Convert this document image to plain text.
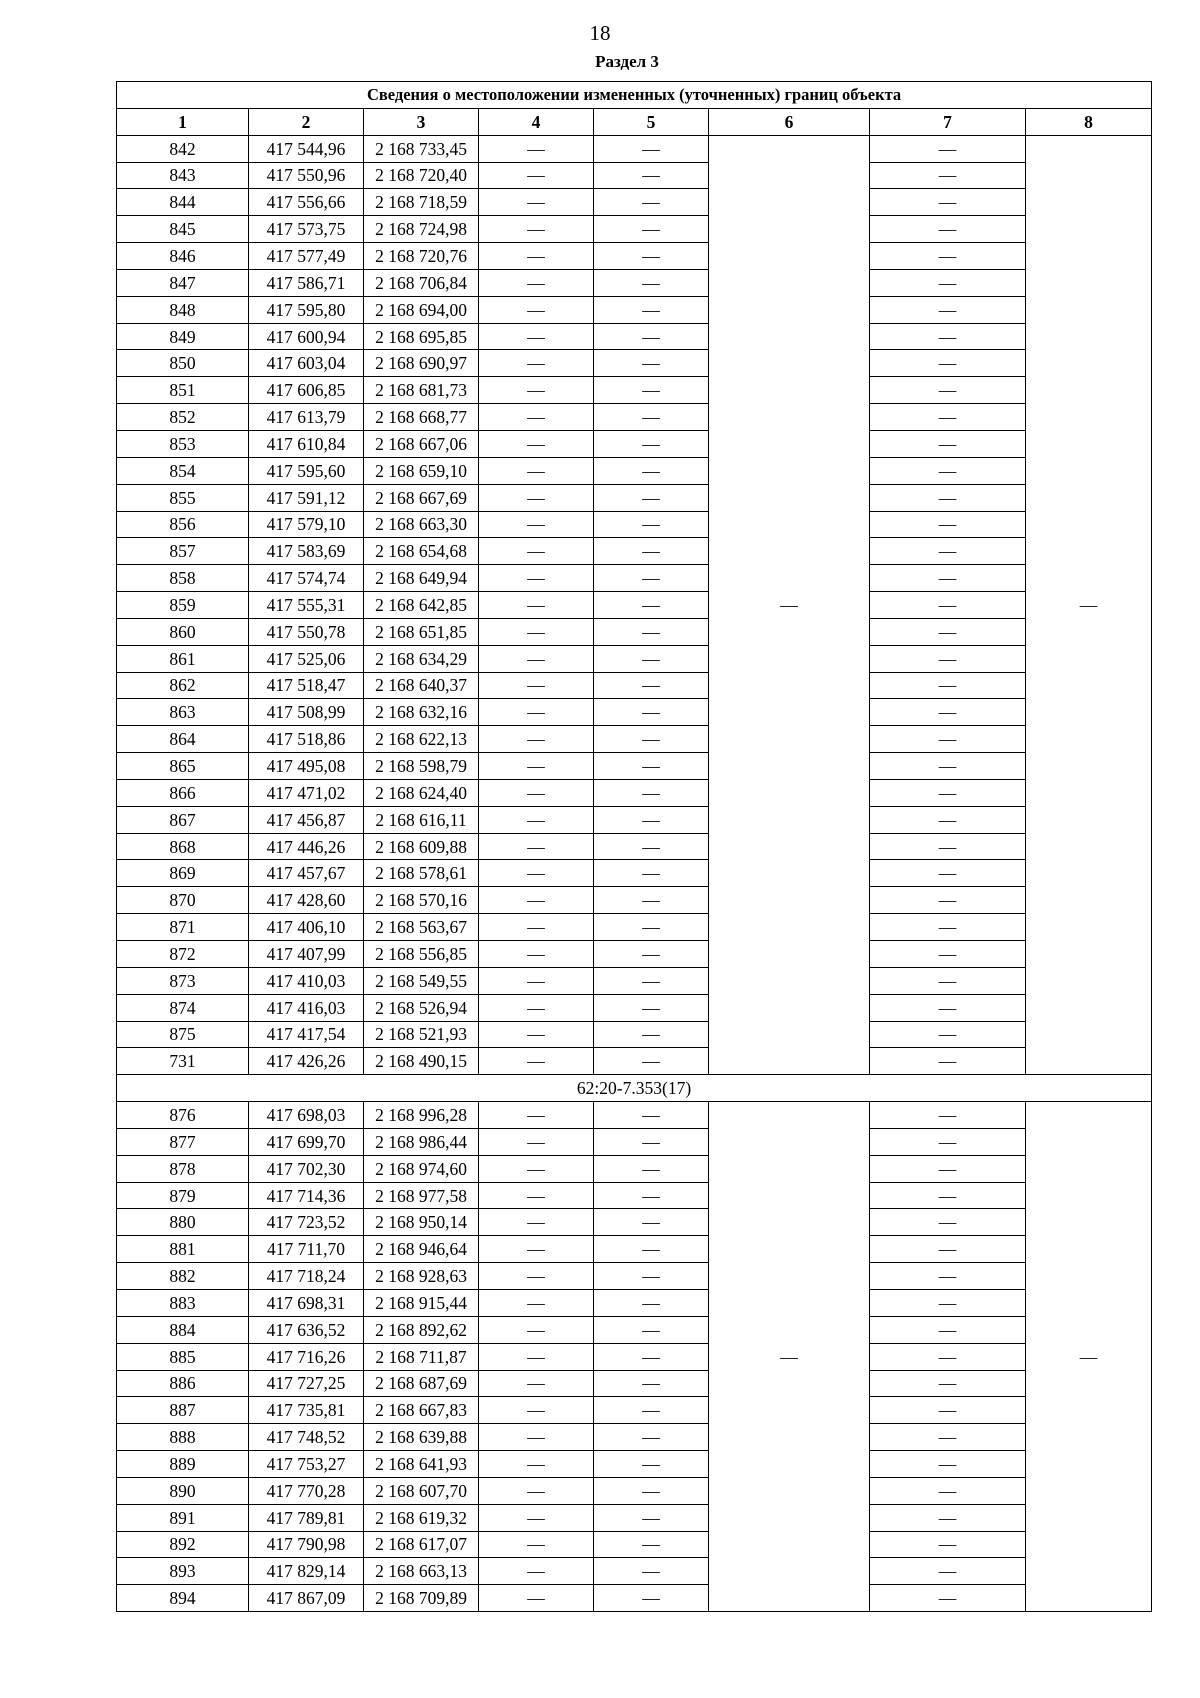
18
Раздел 3
Сведения о местоположении измененных (уточненных) границ объекта							
1	2	3	4	5	6	7	8
842	417 544,96	2 168 733,45	—	—	—	—	—
843	417 550,96	2 168 720,40	—	—		—	
844	417 556,66	2 168 718,59	—	—		—	
845	417 573,75	2 168 724,98	—	—		—	
846	417 577,49	2 168 720,76	—	—		—	
847	417 586,71	2 168 706,84	—	—		—	
848	417 595,80	2 168 694,00	—	—		—	
849	417 600,94	2 168 695,85	—	—		—	
850	417 603,04	2 168 690,97	—	—		—	
851	417 606,85	2 168 681,73	—	—		—	
852	417 613,79	2 168 668,77	—	—		—	
853	417 610,84	2 168 667,06	—	—		—	
854	417 595,60	2 168 659,10	—	—		—	
855	417 591,12	2 168 667,69	—	—		—	
856	417 579,10	2 168 663,30	—	—		—	
857	417 583,69	2 168 654,68	—	—		—	
858	417 574,74	2 168 649,94	—	—		—	
859	417 555,31	2 168 642,85	—	—		—	
860	417 550,78	2 168 651,85	—	—		—	
861	417 525,06	2 168 634,29	—	—		—	
862	417 518,47	2 168 640,37	—	—		—	
863	417 508,99	2 168 632,16	—	—		—	
864	417 518,86	2 168 622,13	—	—		—	
865	417 495,08	2 168 598,79	—	—		—	
866	417 471,02	2 168 624,40	—	—		—	
867	417 456,87	2 168 616,11	—	—		—	
868	417 446,26	2 168 609,88	—	—		—	
869	417 457,67	2 168 578,61	—	—		—	
870	417 428,60	2 168 570,16	—	—		—	
871	417 406,10	2 168 563,67	—	—		—	
872	417 407,99	2 168 556,85	—	—		—	
873	417 410,03	2 168 549,55	—	—		—	
874	417 416,03	2 168 526,94	—	—		—	
875	417 417,54	2 168 521,93	—	—		—	
731	417 426,26	2 168 490,15	—	—		—	
62:20-7.353(17)							
876	417 698,03	2 168 996,28	—	—	—	—	—
877	417 699,70	2 168 986,44	—	—		—	
878	417 702,30	2 168 974,60	—	—		—	
879	417 714,36	2 168 977,58	—	—		—	
880	417 723,52	2 168 950,14	—	—		—	
881	417 711,70	2 168 946,64	—	—		—	
882	417 718,24	2 168 928,63	—	—		—	
883	417 698,31	2 168 915,44	—	—		—	
884	417 636,52	2 168 892,62	—	—		—	
885	417 716,26	2 168 711,87	—	—		—	
886	417 727,25	2 168 687,69	—	—		—	
887	417 735,81	2 168 667,83	—	—		—	
888	417 748,52	2 168 639,88	—	—		—	
889	417 753,27	2 168 641,93	—	—		—	
890	417 770,28	2 168 607,70	—	—		—	
891	417 789,81	2 168 619,32	—	—		—	
892	417 790,98	2 168 617,07	—	—		—	
893	417 829,14	2 168 663,13	—	—		—	
894	417 867,09	2 168 709,89	—	—		—	
